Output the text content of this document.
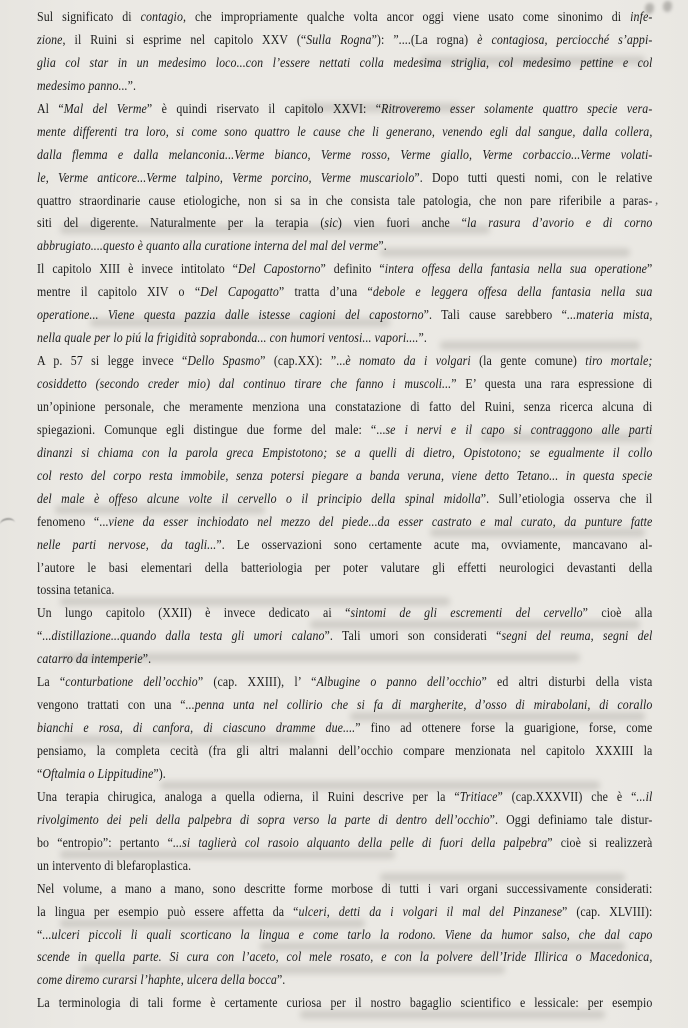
Sul significato di contagio, che impropriamente qualche volta ancor oggi viene usato come sinonimo di infe-
zione, il Ruini si esprime nel capitolo XXV (“Sulla Rogna”): ”....(La rogna) è contagiosa, perciocché s’appi-
glia col star in un medesimo loco...con l’essere nettati colla medesima striglia, col medesimo pettine e col
medesimo panno...”.
Al “Mal del Verme” è quindi riservato il capitolo XXVI: “Ritroveremo esser solamente quattro specie vera-
mente differenti tra loro, si come sono quattro le cause che li generano, venendo egli dal sangue, dalla collera,
dalla flemma e dalla melanconia...Verme bianco, Verme rosso, Verme giallo, Verme corbaccio...Verme volati-
le, Verme anticore...Verme talpino, Verme porcino, Verme muscariolo”. Dopo tutti questi nomi, con le relative
quattro straordinarie cause etiologiche, non si sa in che consista tale patologia, che non pare riferibile a paras-
siti del digerente. Naturalmente per la terapia (sic) vien fuori anche “la rasura d’avorio e di corno
abbrugiato....questo è quanto alla curatione interna del mal del verme”.
Il capitolo XIII è invece intitolato “Del Capostorno” definito “intera offesa della fantasia nella sua operatione”
mentre il capitolo XIV o “Del Capogatto” tratta d’una “debole e leggera offesa della fantasia nella sua
operatione... Viene questa pazzia dalle istesse cagioni del capostorno”. Tali cause sarebbero “...materia mista,
nella quale per lo piú la frigidità soprabonda... con humori ventosi... vapori....”.
A p. 57 si legge invece “Dello Spasmo” (cap.XX): ”...è nomato da i volgari (la gente comune) tiro mortale;
cosiddetto (secondo creder mio) dal continuo tirare che fanno i muscoli...” E’ questa una rara espressione di
un’opinione personale, che meramente menziona una constatazione di fatto del Ruini, senza ricerca alcuna di
spiegazioni. Comunque egli distingue due forme del male: “...se i nervi e il capo si contraggono alle parti
dinanzi si chiama con la parola greca Empistotono; se a quelli di dietro, Opistotono; se egualmente il collo
col resto del corpo resta immobile, senza potersi piegare a banda veruna, viene detto Tetano... in questa specie
del male è offeso alcune volte il cervello o il principio della spinal midolla”. Sull’etiologia osserva che il
fenomeno “...viene da esser inchiodato nel mezzo del piede...da esser castrato e mal curato, da punture fatte
nelle parti nervose, da tagli...”. Le osservazioni sono certamente acute ma, ovviamente, mancavano al-
l’autore le basi elementari della batteriologia per poter valutare gli effetti neurologici devastanti della
tossina tetanica.
Un lungo capitolo (XXII) è invece dedicato ai “sintomi de gli escrementi del cervello” cioè alla
“...distillazione...quando dalla testa gli umori calano”. Tali umori son considerati “segni del reuma, segni del
catarro da intemperie”.
La “conturbatione dell’occhio” (cap. XXIII), l’ “Albugine o panno dell’occhio” ed altri disturbi della vista
vengono trattati con una “...penna unta nel collirio che si fa di margherite, d’osso di mirabolani, di corallo
bianchi e rosa, di canfora, di ciascuno dramme due....” fino ad ottenere forse la guarigione, forse, come
pensiamo, la completa cecità (fra gli altri malanni dell’occhio compare menzionata nel capitolo XXXIII la
“Oftalmia o Lippitudine”).
Una terapia chirugica, analoga a quella odierna, il Ruini descrive per la “Tritiace” (cap.XXXVII) che è “...il
rivolgimento dei peli della palpebra di sopra verso la parte di dentro dell’occhio”. Oggi definiamo tale distur-
bo “entropio”: pertanto “...si taglierà col rasoio alquanto della pelle di fuori della palpebra” cioè si realizzerà
un intervento di blefaroplastica.
Nel volume, a mano a mano, sono descritte forme morbose di tutti i vari organi successivamente considerati:
la lingua per esempio può essere affetta da “ulceri, detti da i volgari il mal del Pinzanese” (cap. XLVIII):
“...ulceri piccoli li quali scorticano la lingua e come tarlo la rodono. Viene da humor salso, che dal capo
scende in quella parte. Si cura con l’aceto, col mele rosato, e con la polvere dell’Iride Illirica o Macedonica,
come diremo curarsi l’haphte, ulcera della bocca”.
La terminologia di tali forme è certamente curiosa per il nostro bagaglio scientifico e lessicale: per esempio
,
